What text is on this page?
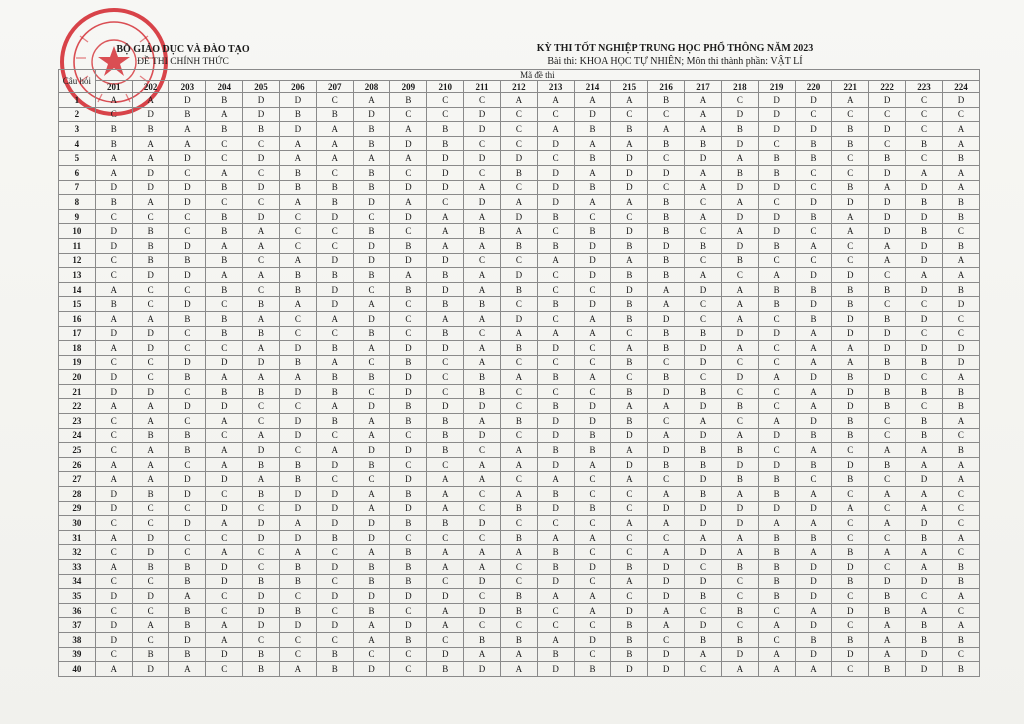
BỘ GIÁO DỤC VÀ ĐÀO TẠO
ĐỀ THI CHÍNH THỨC
KỲ THI TỐT NGHIỆP TRUNG HỌC PHỔ THÔNG NĂM 2023
Bài thi: KHOA HỌC TỰ NHIÊN; Môn thi thành phần: VẬT LÍ
Câu hỏi	Mã đề thi																							
	201	202	203	204	205	206	207	208	209	210	211	212	213	214	215	216	217	218	219	220	221	222	223	224
1	A	A	D	B	D	D	C	A	B	C	C	A	A	A	A	B	A	C	D	D	A	D	C	D
2	C	D	B	A	D	B	B	D	C	C	D	C	C	D	C	C	A	D	D	C	C	C	C	C
3	B	B	A	B	B	D	A	B	A	B	D	C	A	B	B	A	A	B	D	D	B	D	C	A
4	B	A	A	C	C	A	A	B	D	B	C	C	D	A	A	B	B	D	C	B	B	C	B	A
5	A	A	D	C	D	A	A	A	A	D	D	D	C	B	D	C	D	A	B	B	C	B	C	B
6	A	D	C	A	C	B	C	B	C	D	C	B	D	A	D	D	A	B	B	C	C	D	A	A
7	D	D	D	B	D	B	B	B	D	D	A	C	D	B	D	C	A	D	D	C	B	A	D	A
8	B	A	D	C	C	A	B	D	A	C	D	A	D	A	A	B	C	A	C	D	D	D	B	B
9	C	C	C	B	D	C	D	C	D	A	A	D	B	C	C	B	A	D	D	B	A	D	D	B
10	D	B	C	B	A	C	C	B	C	A	B	A	C	B	D	B	C	A	D	C	A	D	B	C
11	D	B	D	A	A	C	C	D	B	A	A	B	B	D	B	D	B	D	B	A	C	A	D	B
12	C	B	B	B	C	A	D	D	D	D	C	C	A	D	A	B	C	B	C	C	C	A	D	A
13	C	D	D	A	A	B	B	B	A	B	A	D	C	D	B	B	A	C	A	D	D	C	A	A
14	A	C	C	B	C	B	D	C	B	D	A	B	C	C	D	A	D	A	B	B	B	B	D	B
15	B	C	D	C	B	A	D	A	C	B	B	C	B	D	B	A	C	A	B	D	B	C	C	D
16	A	A	B	B	A	C	A	D	C	A	A	D	C	A	B	D	C	A	C	B	D	B	D	C
17	D	D	C	B	B	C	C	B	C	B	C	A	A	A	C	B	B	D	D	A	D	D	C	C
18	A	D	C	C	A	D	B	A	D	D	A	B	D	C	A	B	D	A	C	A	A	D	D	D
19	C	C	D	D	D	B	A	C	B	C	A	C	C	C	B	C	D	C	C	A	A	B	B	D
20	D	C	B	A	A	A	B	B	D	C	B	A	B	A	C	B	C	D	A	D	B	D	C	A
21	D	D	C	B	B	D	B	C	D	C	B	C	C	C	B	D	B	C	C	A	D	B	B	B
22	A	A	D	D	C	C	A	D	B	D	D	C	B	D	A	A	D	B	C	A	D	B	C	B
23	C	A	C	A	C	D	B	A	B	B	A	B	D	D	B	C	A	C	A	D	B	C	B	A
24	C	B	B	C	A	D	C	A	C	B	D	C	D	B	D	A	D	A	D	B	B	C	B	C
25	C	A	B	A	D	C	A	D	D	B	C	A	B	B	A	D	B	B	C	A	C	A	A	B
26	A	A	C	A	B	B	D	B	C	C	A	A	D	A	D	B	B	D	D	B	D	B	A	A
27	A	A	D	D	A	B	C	C	D	A	A	C	A	C	A	C	D	B	B	C	B	C	D	A
28	D	B	D	C	B	D	D	A	B	A	C	A	B	C	C	A	B	A	B	A	C	A	A	C
29	D	C	C	D	C	D	D	A	D	A	C	B	D	B	C	D	D	D	D	D	A	C	A	C
30	C	C	D	A	D	A	D	D	B	B	D	C	C	C	A	A	D	D	A	A	C	A	D	C
31	A	D	C	C	D	D	B	D	C	C	C	B	A	A	C	C	A	A	B	B	C	C	B	A
32	C	D	C	A	C	A	C	A	B	A	A	A	B	C	C	A	D	A	B	A	B	A	A	C
33	A	B	B	D	C	B	D	B	B	A	A	C	B	D	B	D	C	B	B	D	D	C	A	B
34	C	C	B	D	B	B	C	B	B	C	D	C	D	C	A	D	D	C	B	D	B	D	D	B
35	D	D	A	C	D	C	D	D	D	D	C	B	A	A	C	D	B	C	B	D	C	B	C	A
36	C	C	B	C	D	B	C	B	C	A	D	B	C	A	D	A	C	B	C	A	D	B	A	C
37	D	A	B	A	D	D	D	A	D	A	C	C	C	C	B	A	D	C	A	D	C	A	B	A
38	D	C	D	A	C	C	C	A	B	C	B	B	A	D	B	C	B	B	C	B	B	A	B	B
39	C	B	B	D	B	C	B	C	C	D	A	A	B	C	B	D	A	D	A	D	D	A	D	C
40	A	D	A	C	B	A	B	D	C	B	D	A	D	B	D	D	C	A	A	A	C	B	D	B
